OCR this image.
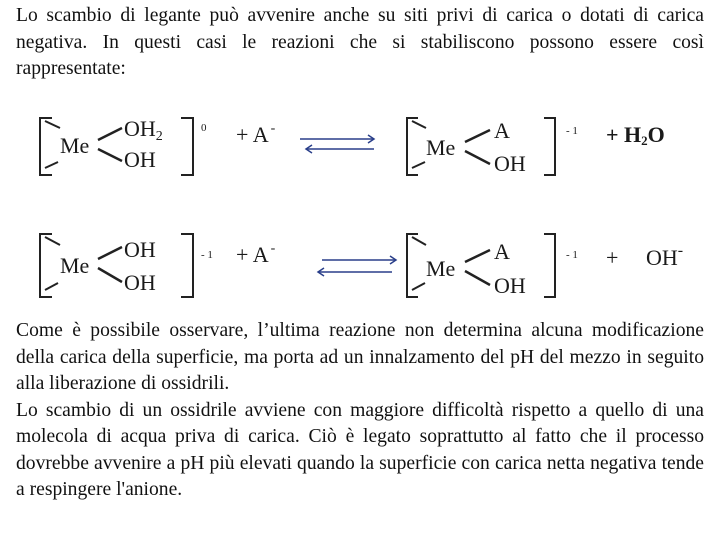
Lo scambio di legante può avvenire anche su siti privi di carica o dotati di carica negativa. In questi casi le reazioni che si stabiliscono possono essere così rappresentate:

Me
OH2
OH
0 + A -
Me
A
OH
- 1 + H2O
Me
OH
OH
- 1 + A -
Me
A
OH
- 1 + OH-

Come è possibile osservare, l’ultima reazione non determina alcuna modificazione della carica della superficie, ma porta ad un innalzamento del pH del mezzo in seguito alla liberazione di ossidrili.

Lo scambio di un ossidrile avviene con maggiore difficoltà rispetto a quello di una molecola di acqua priva di carica. Ciò è legato soprattutto al fatto che il processo dovrebbe avvenire a pH più elevati quando la superficie con carica netta negativa tende a respingere l'anione.
